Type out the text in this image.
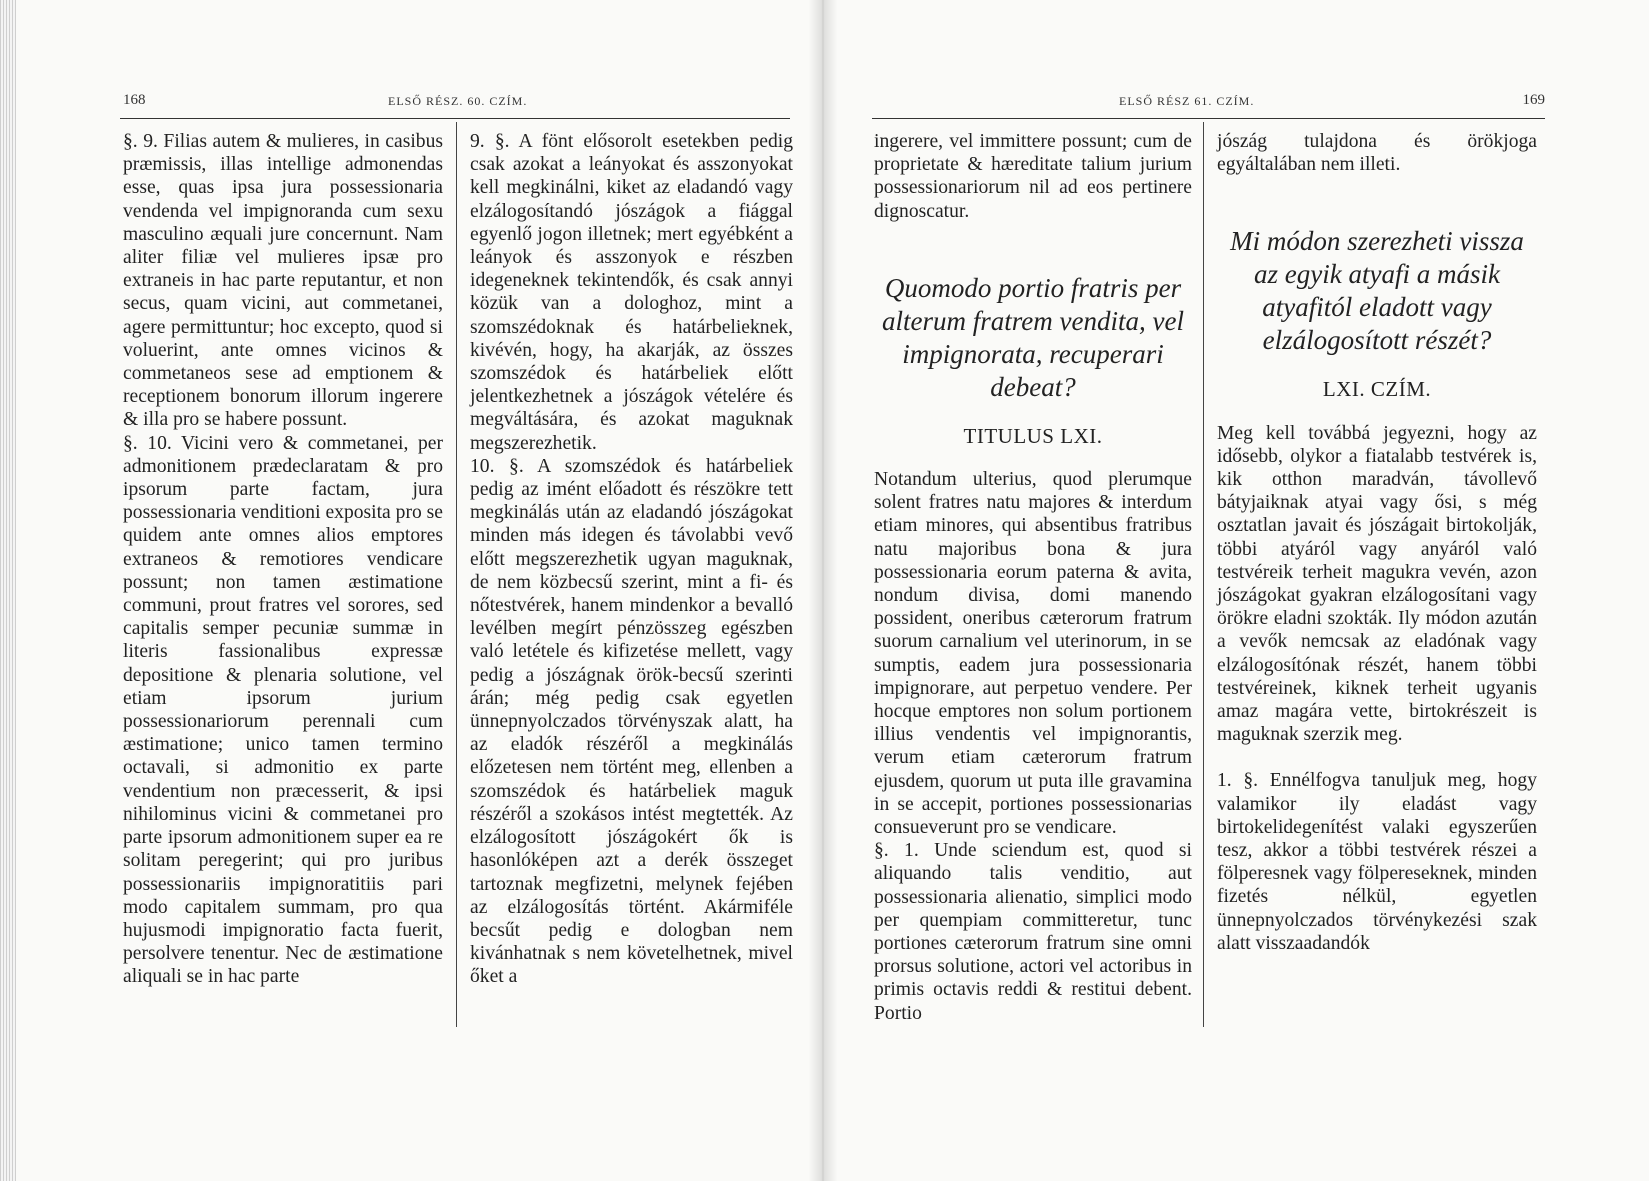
168	ELSŐ RÉSZ. 60. CZÍM.

§. 9. Filias autem & mulieres, in casibus præmissis, illas intellige admonendas esse, quas ipsa jura possessionaria vendenda vel impignoranda cum sexu masculino æquali jure concernunt. Nam aliter filiæ vel mulieres ipsæ pro extraneis in hac parte reputantur, et non secus, quam vicini, aut commetanei, agere permittuntur; hoc excepto, quod si voluerint, ante omnes vicinos & commetaneos sese ad emptionem & receptionem bonorum illorum ingerere & illa pro se habere possunt.

§. 10. Vicini vero & commetanei, per admonitionem prædeclaratam & pro ipsorum parte factam, jura possessionaria venditioni exposita pro se quidem ante omnes alios emptores extraneos & remotiores vendicare possunt; non tamen æstimatione communi, prout fratres vel sorores, sed capitalis semper pecuniæ summæ in literis fassionalibus expressæ depositione & plenaria solutione, vel etiam ipsorum jurium possessionariorum perennali cum æstimatione; unico tamen termino octavali, si admonitio ex parte vendentium non præcesserit, & ipsi nihilominus vicini & commetanei pro parte ipsorum admonitionem super ea re solitam peregerint; qui pro juribus possessionariis impignoratitiis pari modo capitalem summam, pro qua hujusmodi impignoratio facta fuerit, persolvere tenentur. Nec de æstimatione aliquali se in hac parte

9. §. A fönt elősorolt esetekben pedig csak azokat a leányokat és asszonyokat kell megkinálni, kiket az eladandó vagy elzálogosítandó jószágok a fiággal egyenlő jogon illetnek; mert egyébként a leányok és asszonyok e részben idegeneknek tekintendők, és csak annyi közük van a dologhoz, mint a szomszédoknak és határbelieknek, kivévén, hogy, ha akarják, az összes szomszédok és határbeliek előtt jelentkezhetnek a jószágok vételére és megváltására, és azokat maguknak megszerezhetik.

10. §. A szomszédok és határbeliek pedig az imént előadott és részökre tett megkinálás után az eladandó jószágokat minden más idegen és távolabbi vevő előtt megszerezhetik ugyan maguknak, de nem közbecsű szerint, mint a fi- és nőtestvérek, hanem mindenkor a bevalló levélben megírt pénzösszeg egészben való letétele és kifizetése mellett, vagy pedig a jószágnak örök-becsű szerinti árán; még pedig csak egyetlen ünnepnyolczados törvényszak alatt, ha az eladók részéről a megkinálás előzetesen nem történt meg, ellenben a szomszédok és határbeliek maguk részéről a szokásos intést megtették. Az elzálogosított jószágokért ők is hasonlóképen azt a derék összeget tartoznak megfizetni, melynek fejében az elzálogosítás történt. Akármiféle becsűt pedig e dologban nem kivánhatnak s nem követelhetnek, mivel őket a

ELSŐ RÉSZ 61. CZÍM.	169

ingerere, vel immittere possunt; cum de proprietate & hæreditate talium jurium possessionariorum nil ad eos pertinere dignoscatur.

Quomodo portio fratris per alterum fratrem vendita, vel impignorata, recuperari debeat?
TITULUS LXI.

Notandum ulterius, quod plerumque solent fratres natu majores & interdum etiam minores, qui absentibus fratribus natu majoribus bona & jura possessionaria eorum paterna & avita, nondum divisa, domi manendo possident, oneribus cæterorum fratrum suorum carnalium vel uterinorum, in se sumptis, eadem jura possessionaria impignorare, aut perpetuo vendere. Per hocque emptores non solum portionem illius vendentis vel impignorantis, verum etiam cæterorum fratrum ejusdem, quorum ut puta ille gravamina in se accepit, portiones possessionarias consueverunt pro se vendicare.

§. 1. Unde sciendum est, quod si aliquando talis venditio, aut possessionaria alienatio, simplici modo per quempiam committeretur, tunc portiones cæterorum fratrum sine omni prorsus solutione, actori vel actoribus in primis octavis reddi & restitui debent. Portio

jószág tulajdona és örökjoga egyáltalában nem illeti.

Mi módon szerezheti vissza az egyik atyafi a másik atyafitól eladott vagy elzálogosított részét?
LXI. CZÍM.

Meg kell továbbá jegyezni, hogy az idősebb, olykor a fiatalabb testvérek is, kik otthon maradván, távollevő bátyjaiknak atyai vagy ősi, s még osztatlan javait és jószágait birtokolják, többi atyáról vagy anyáról való testvéreik terheit magukra vevén, azon jószágokat gyakran elzálogosítani vagy örökre eladni szokták. Ily módon azután a vevők nemcsak az eladónak vagy elzálogosítónak részét, hanem többi testvéreinek, kiknek terheit ugyanis amaz magára vette, birtokrészeit is maguknak szerzik meg.

1. §. Ennélfogva tanuljuk meg, hogy valamikor ily eladást vagy birtokelidegenítést valaki egyszerűen tesz, akkor a többi testvérek részei a fölperesnek vagy fölpereseknek, minden fizetés nélkül, egyetlen ünnepnyolczados törvénykezési szak alatt visszaadandók
